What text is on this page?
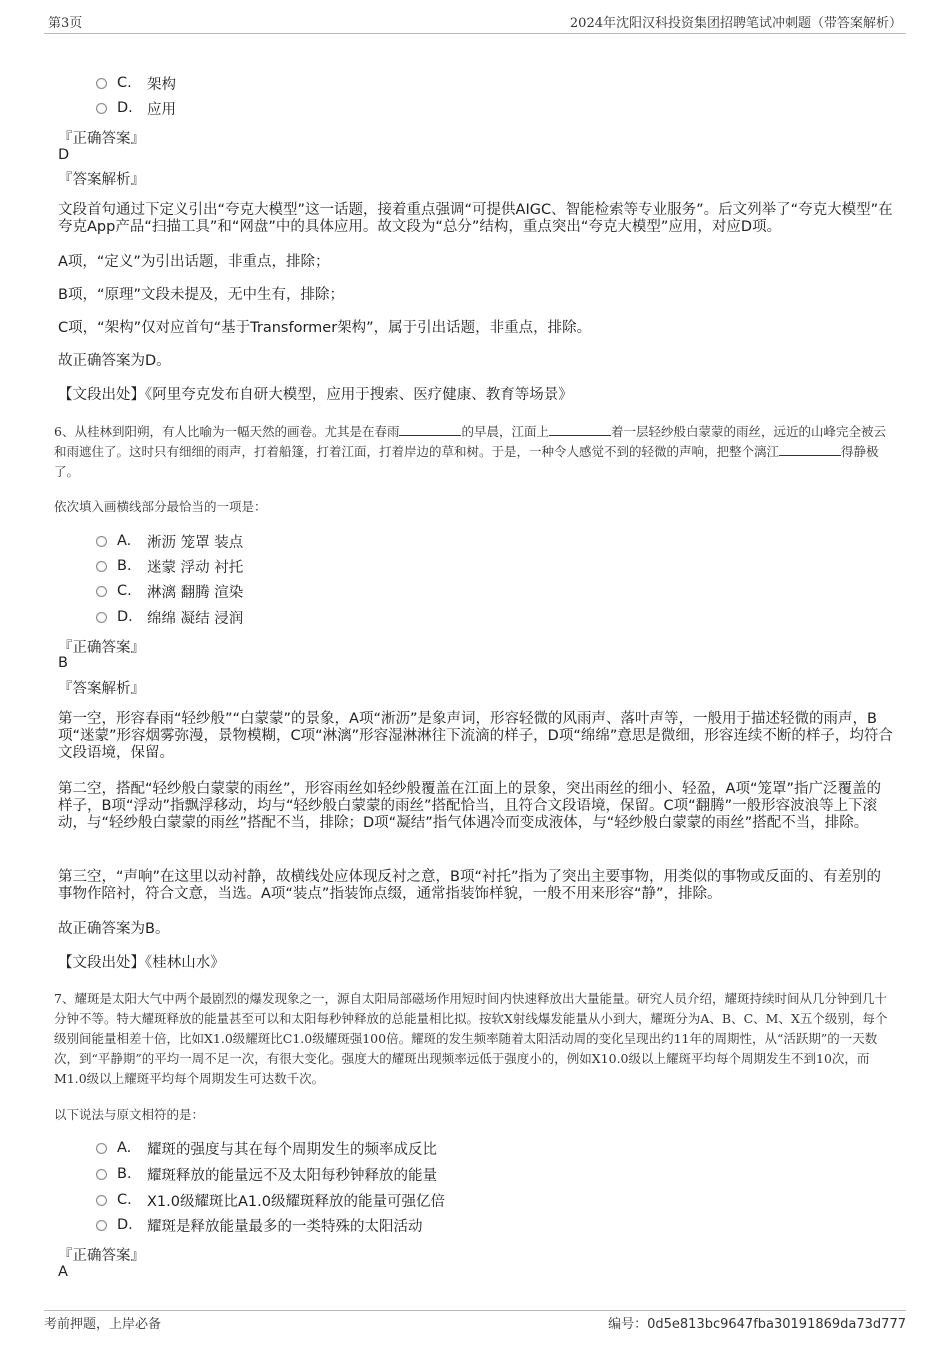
第3页	2024年沈阳汉科投资集团招聘笔试冲刺题（带答案解析）
C.	架构
D. 应用
『正确答案』
D
『答案解析』
文段首句通过下定义引出“夸克大模型”这一话题，接着重点强调“可提供AIGC、智能检索等专业服务”。后文列举了“夸克大模型”在夸克App产品“扫描工具”和“网盘”中的具体应用。故文段为“总分”结构，重点突出“夸克大模型”应用，对应D项。
A项，“定义”为引出话题，非重点，排除；
B项，“原理”文段未提及，无中生有，排除；
C项，“架构”仅对应首句“基于Transformer架构”，属于引出话题，非重点，排除。
故正确答案为D。
【文段出处】《阿里夸克发布自研大模型，应用于搜索、医疗健康、教育等场景》
6、从桂林到阳朔，有人比喻为一幅天然的画卷。尤其是在春雨	的早晨，江面上	着一层轻纱般白蒙蒙的雨丝，远近的山峰完全被云和雨遮住了。这时只有细细的雨声，打着船篷，打着江面，打着岸边的草和树。于是，一种令人感觉不到的轻微的声响，把整个漓江	得静极了。
依次填入画横线部分最恰当的一项是：
A.	淅沥 笼罩 装点
B.	迷蒙 浮动 衬托
C.	淋漓 翻腾 渲染
D. 绵绵 凝结 浸润
『正确答案』
B
『答案解析』
第一空，形容春雨“轻纱般”“白蒙蒙”的景象，A项“淅沥”是象声词，形容轻微的风雨声、落叶声等，一般用于描述轻微的雨声，B项“迷蒙”形容烟雾弥漫，景物模糊，C项“淋漓”形容湿淋淋往下流滴的样子，D项“绵绵”意思是微细，形容连续不断的样子，均符合文段语境，保留。
第二空，搭配“轻纱般白蒙蒙的雨丝”，形容雨丝如轻纱般覆盖在江面上的景象，突出雨丝的细小、轻盈，A项“笼罩”指广泛覆盖的样子，B项“浮动”指飘浮移动，均与“轻纱般白蒙蒙的雨丝”搭配恰当，且符合文段语境，保留。C项“翻腾”一般形容波浪等上下滚动，与“轻纱般白蒙蒙的雨丝”搭配不当，排除；D项“凝结”指气体遇冷而变成液体，与“轻纱般白蒙蒙的雨丝”搭配不当，排除。
第三空，“声响”在这里以动衬静，故横线处应体现反衬之意，B项“衬托”指为了突出主要事物，用类似的事物或反面的、有差别的事物作陪衬，符合文意，当选。A项“装点”指装饰点缀，通常指装饰样貌，一般不用来形容“静”，排除。
故正确答案为B。
【文段出处】《桂林山水》
7、耀斑是太阳大气中两个最剧烈的爆发现象之一，源自太阳局部磁场作用短时间内快速释放出大量能量。研究人员介绍，耀斑持续时间从几分钟到几十分钟不等。特大耀斑释放的能量甚至可以和太阳每秒钟释放的总能量相比拟。按软X射线爆发能量从小到大，耀斑分为A、B、C、M、X五个级别，每个级别间能量相差十倍，比如X1.0级耀斑比C1.0级耀斑强100倍。耀斑的发生频率随着太阳活动周的变化呈现出约11年的周期性，从“活跃期”的一天数次，到“平静期”的平均一周不足一次，有很大变化。强度大的耀斑出现频率远低于强度小的，例如X10.0级以上耀斑平均每个周期发生不到10次，而M1.0级以上耀斑平均每个周期发生可达数千次。
以下说法与原文相符的是：
A.	耀斑的强度与其在每个周期发生的频率成反比
B.	耀斑释放的能量远不及太阳每秒钟释放的能量
C.	X1.0级耀斑比A1.0级耀斑释放的能量可强亿倍
D. 耀斑是释放能量最多的一类特殊的太阳活动
『正确答案』
A
考前押题，上岸必备	编号：0d5e813bc9647fba30191869da73d777
